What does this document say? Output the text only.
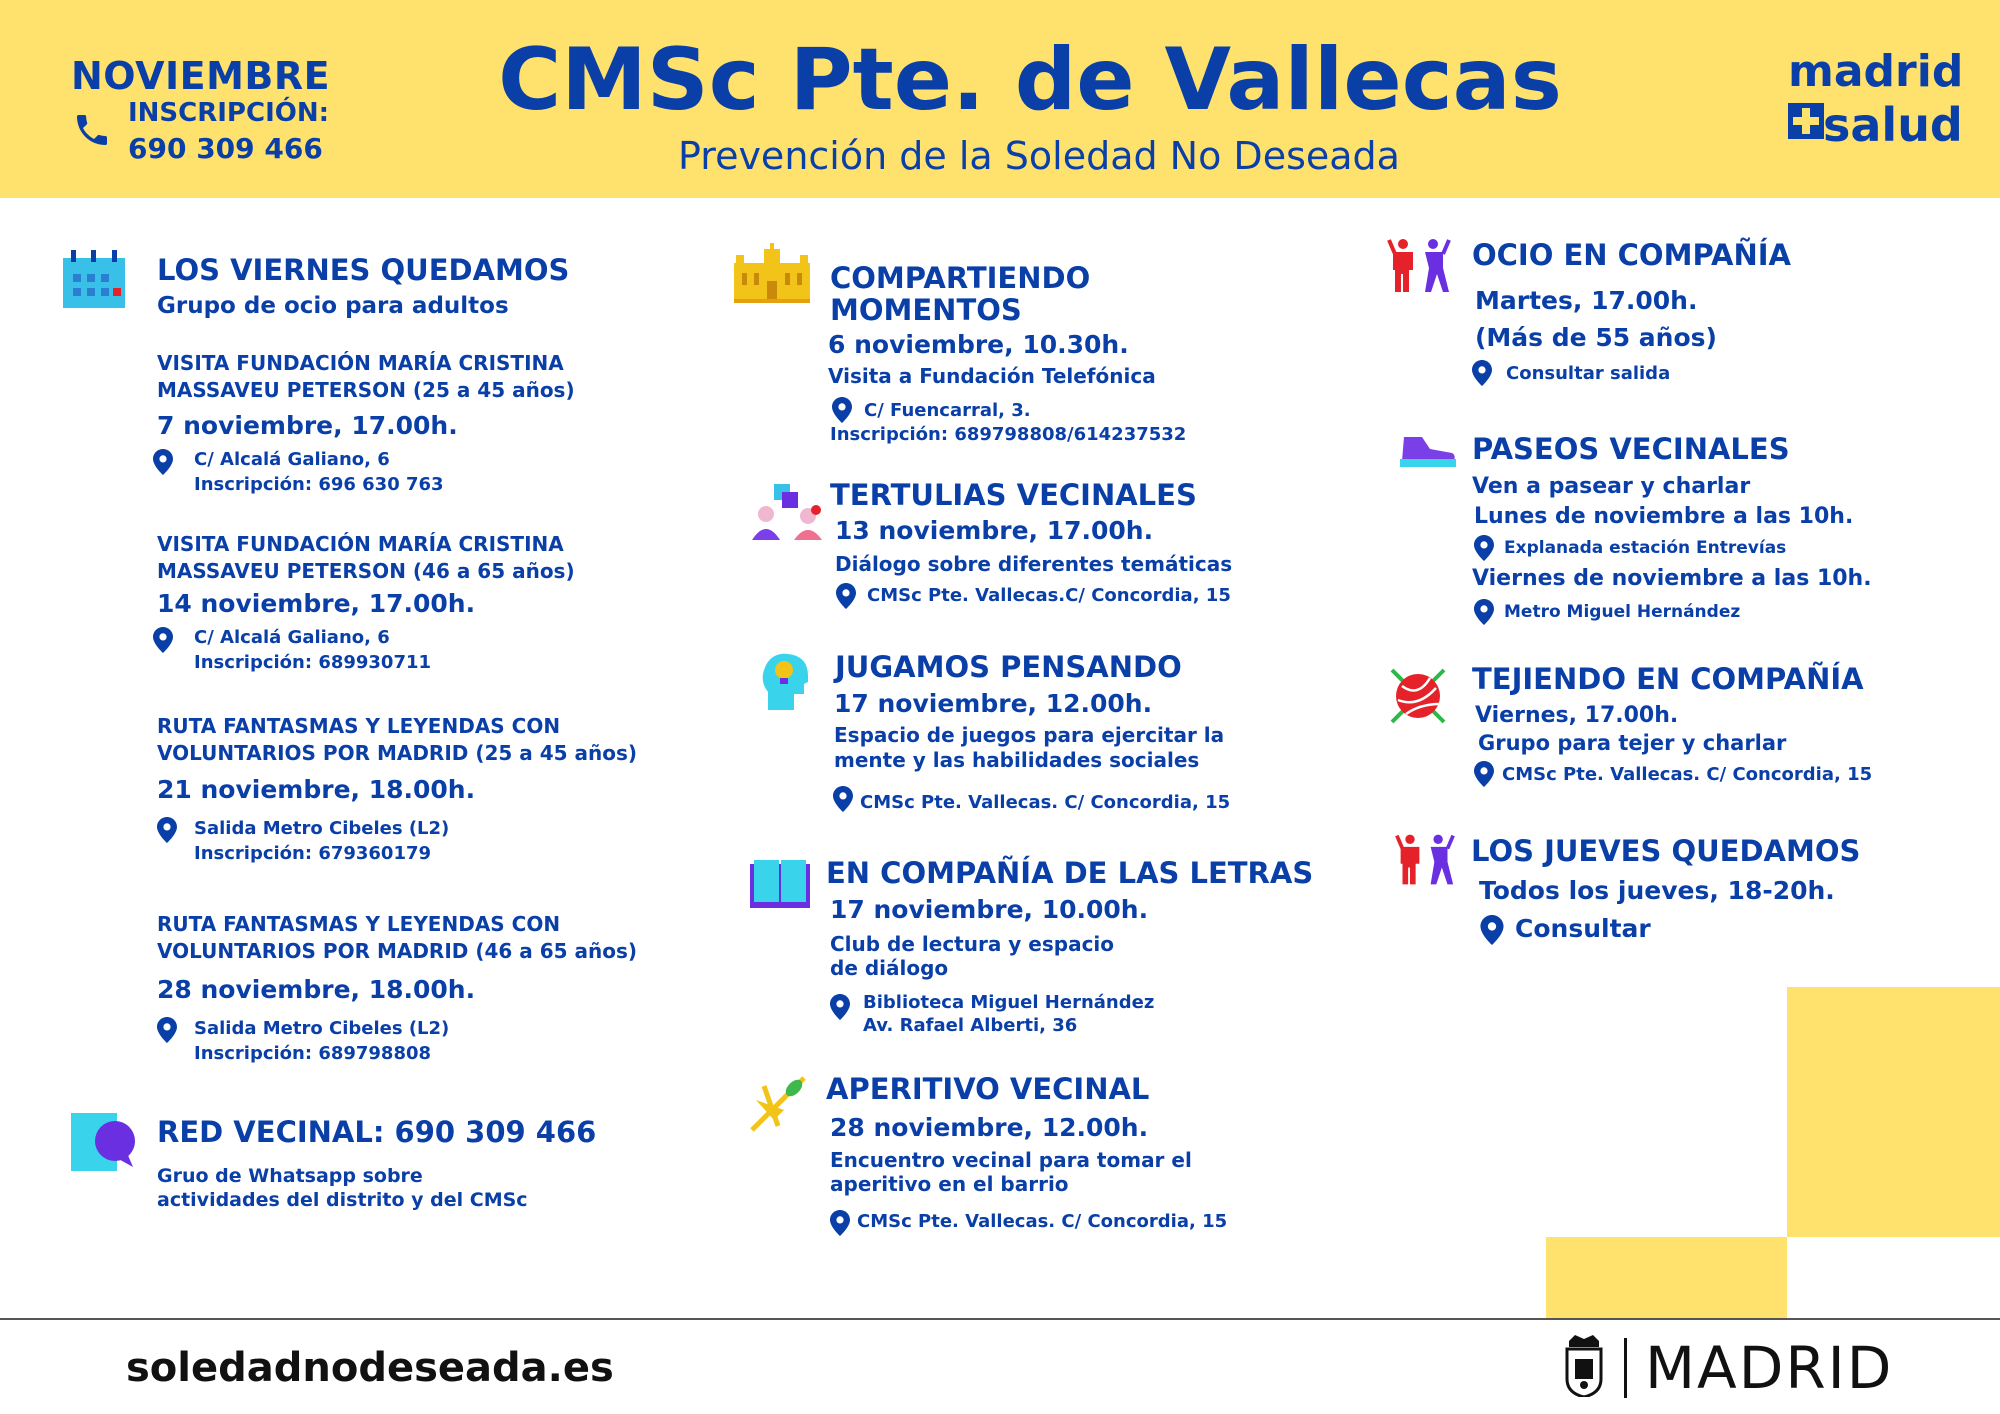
NOVIEMBRE
INSCRIPCIÓN:
690 309 466
CMSc Pte. de Vallecas
Prevención de la Soledad No Deseada
madrid
salud
LOS VIERNES QUEDAMOS
Grupo de ocio para adultos
VISITA FUNDACIÓN MARÍA CRISTINA
MASSAVEU PETERSON (25 a 45 años)
7 noviembre, 17.00h.
C/ Alcalá Galiano, 6
Inscripción: 696 630 763
VISITA FUNDACIÓN MARÍA CRISTINA
MASSAVEU PETERSON (46 a 65 años)
14 noviembre, 17.00h.
C/ Alcalá Galiano, 6
Inscripción: 689930711
RUTA FANTASMAS Y LEYENDAS CON
VOLUNTARIOS POR MADRID (25 a 45 años)
21 noviembre, 18.00h.
Salida Metro Cibeles (L2)
Inscripción: 679360179
RUTA FANTASMAS Y LEYENDAS CON
VOLUNTARIOS POR MADRID (46 a 65 años)
28 noviembre, 18.00h.
Salida Metro Cibeles (L2)
Inscripción: 689798808
RED VECINAL: 690 309 466
Gruo de Whatsapp sobre
actividades del distrito y del CMSc
COMPARTIENDO
MOMENTOS
6 noviembre, 10.30h.
Visita a Fundación Telefónica
C/ Fuencarral, 3.
Inscripción: 689798808/614237532
TERTULIAS VECINALES
13 noviembre, 17.00h.
Diálogo sobre diferentes temáticas
CMSc Pte. Vallecas.C/ Concordia, 15
JUGAMOS PENSANDO
17 noviembre, 12.00h.
Espacio de juegos para ejercitar la
mente y las habilidades sociales
CMSc Pte. Vallecas. C/ Concordia, 15
EN COMPAÑÍA DE LAS LETRAS
17 noviembre, 10.00h.
Club de lectura y espacio
de diálogo
Biblioteca Miguel Hernández
Av. Rafael Alberti, 36
APERITIVO VECINAL
28 noviembre, 12.00h.
Encuentro vecinal para tomar el
aperitivo en el barrio
CMSc Pte. Vallecas. C/ Concordia, 15
OCIO EN COMPAÑÍA
Martes, 17.00h.
(Más de 55 años)
Consultar salida
PASEOS VECINALES
Ven a pasear y charlar
Lunes de noviembre a las 10h.
Explanada estación Entrevías
Viernes de noviembre a las 10h.
Metro Miguel Hernández
TEJIENDO EN COMPAÑÍA
Viernes, 17.00h.
Grupo para tejer y charlar
CMSc Pte. Vallecas. C/ Concordia, 15
LOS JUEVES QUEDAMOS
Todos los jueves, 18-20h.
Consultar
soledadnodeseada.es	MADRID
